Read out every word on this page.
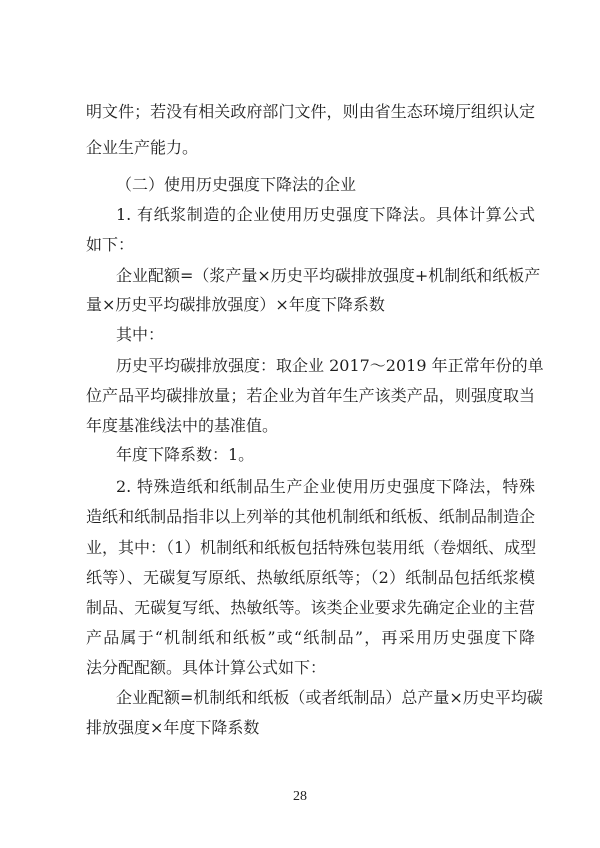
明文件；若没有相关政府部门文件，则由省生态环境厅组织认定
企业生产能力。
（二）使用历史强度下降法的企业
1. 有纸浆制造的企业使用历史强度下降法。具体计算公式
如下：
企业配额=（浆产量×历史平均碳排放强度+机制纸和纸板产
量×历史平均碳排放强度）×年度下降系数
其中：
历史平均碳排放强度：取企业 2017～2019 年正常年份的单
位产品平均碳排放量；若企业为首年生产该类产品，则强度取当
年度基准线法中的基准值。
年度下降系数：1。
2. 特殊造纸和纸制品生产企业使用历史强度下降法，特殊
造纸和纸制品指非以上列举的其他机制纸和纸板、纸制品制造企
业，其中：（1）机制纸和纸板包括特殊包装用纸（卷烟纸、成型
纸等）、无碳复写原纸、热敏纸原纸等；（2）纸制品包括纸浆模
制品、无碳复写纸、热敏纸等。该类企业要求先确定企业的主营
产品属于“机制纸和纸板”或“纸制品”，再采用历史强度下降
法分配配额。具体计算公式如下：
企业配额=机制纸和纸板（或者纸制品）总产量×历史平均碳
排放强度×年度下降系数
28
